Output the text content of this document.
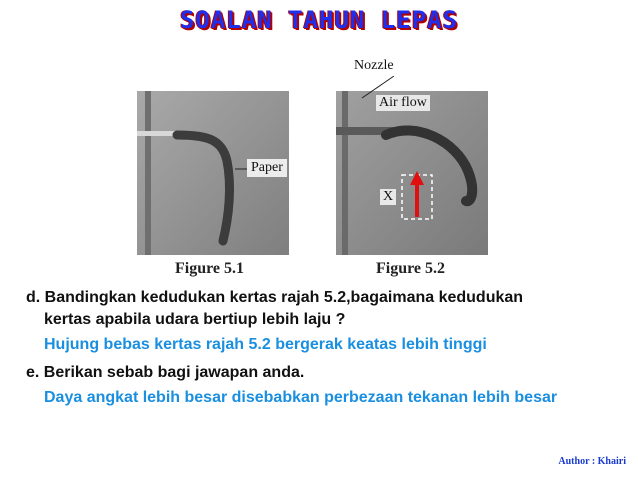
SOALAN TAHUN LEPAS
Paper
Figure 5.1
Air flow
X
Nozzle
Figure 5.2
d. Bandingkan kedudukan kertas rajah 5.2,bagaimana kedudukan
kertas apabila udara bertiup lebih laju ?
Hujung bebas kertas rajah 5.2 bergerak keatas lebih tinggi
e. Berikan sebab bagi jawapan anda.
Daya angkat lebih besar disebabkan perbezaan tekanan lebih besar
Author : Khairi
